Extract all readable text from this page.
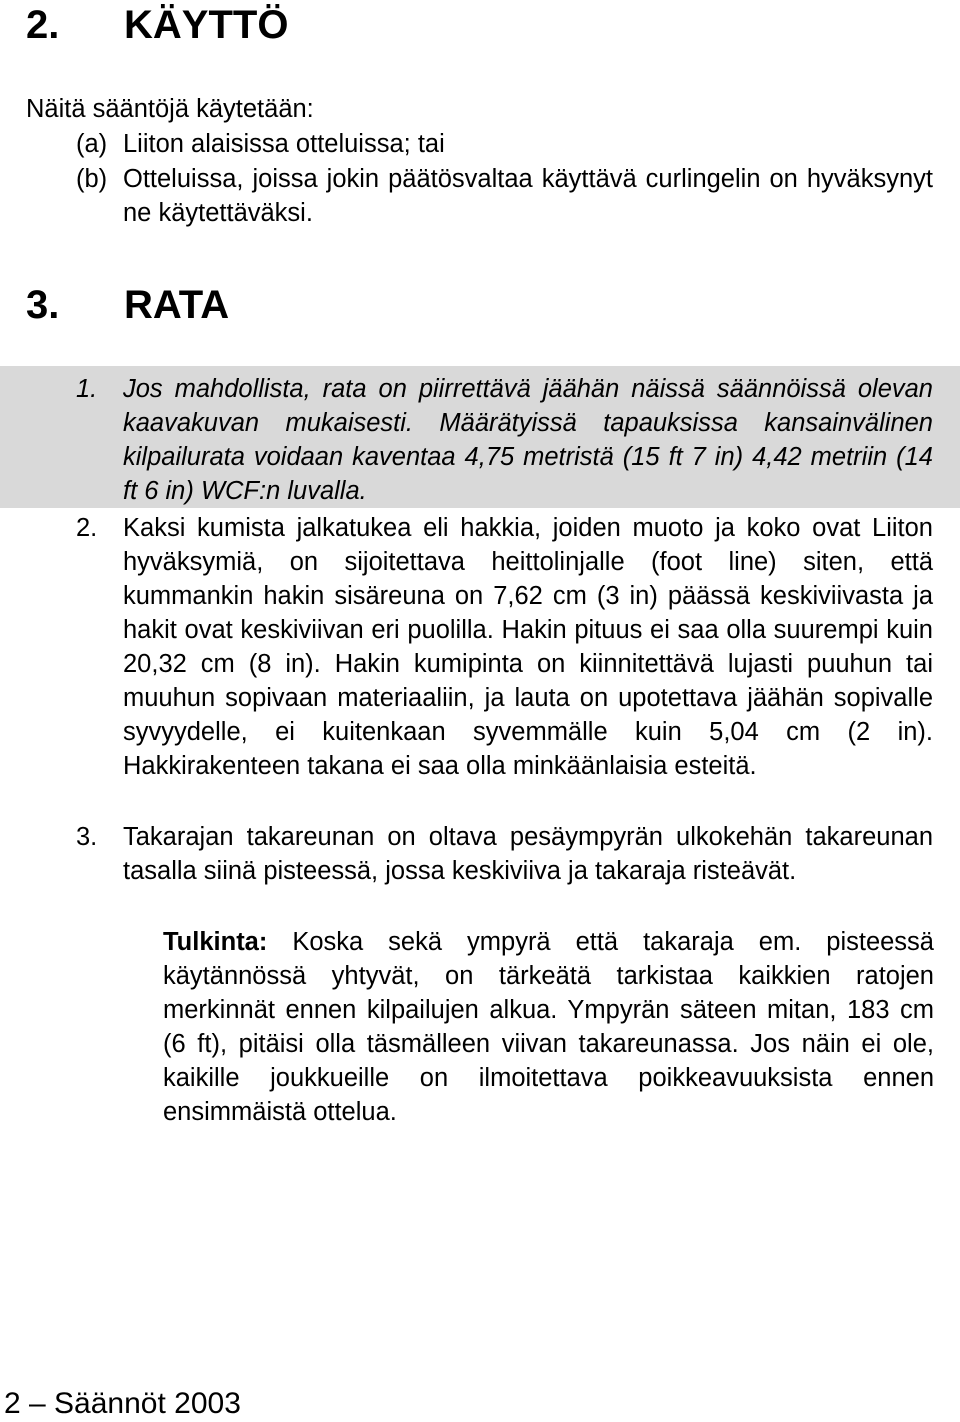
2. KÄYTTÖ
Näitä sääntöjä käytetään:
(a) Liiton alaisissa otteluissa; tai
(b) Otteluissa, joissa jokin päätösvaltaa käyttävä curlingelin on hyväksynyt ne käytettäväksi.
3. RATA
1. Jos mahdollista, rata on piirrettävä jäähän näissä säännöissä olevan kaavakuvan mukaisesti. Määrätyissä tapauksissa kansainvälinen kilpailurata voidaan kaventaa 4,75 metristä (15 ft 7 in) 4,42 metriin (14 ft 6 in) WCF:n luvalla.
2. Kaksi kumista jalkatukea eli hakkia, joiden muoto ja koko ovat Liiton hyväksymiä, on sijoitettava heittolinjalle (foot line) siten, että kummankin hakin sisäreuna on 7,62 cm (3 in) päässä keskiviivasta ja hakit ovat keskiviivan eri puolilla. Hakin pituus ei saa olla suurempi kuin 20,32 cm (8 in). Hakin kumipinta on kiinnitettävä lujasti puuhun tai muuhun sopivaan materiaaliin, ja lauta on upotettava jäähän sopivalle syvyydelle, ei kuitenkaan syvemmälle kuin 5,04 cm (2 in). Hakkirakenteen takana ei saa olla minkäänlaisia esteitä.
3. Takarajan takareunan on oltava pesäympyrän ulkokehän takareunan tasalla siinä pisteessä, jossa keskiviiva ja takaraja risteävät.
Tulkinta: Koska sekä ympyrä että takaraja em. pisteessä käytännössä yhtyvät, on tärkeätä tarkistaa kaikkien ratojen merkinnät ennen kilpailujen alkua. Ympyrän säteen mitan, 183 cm (6 ft), pitäisi olla täsmälleen viivan takareunassa. Jos näin ei ole, kaikille joukkueille on ilmoitettava poikkeavuuksista ennen ensimmäistä ottelua.
2 – Säännöt 2003
